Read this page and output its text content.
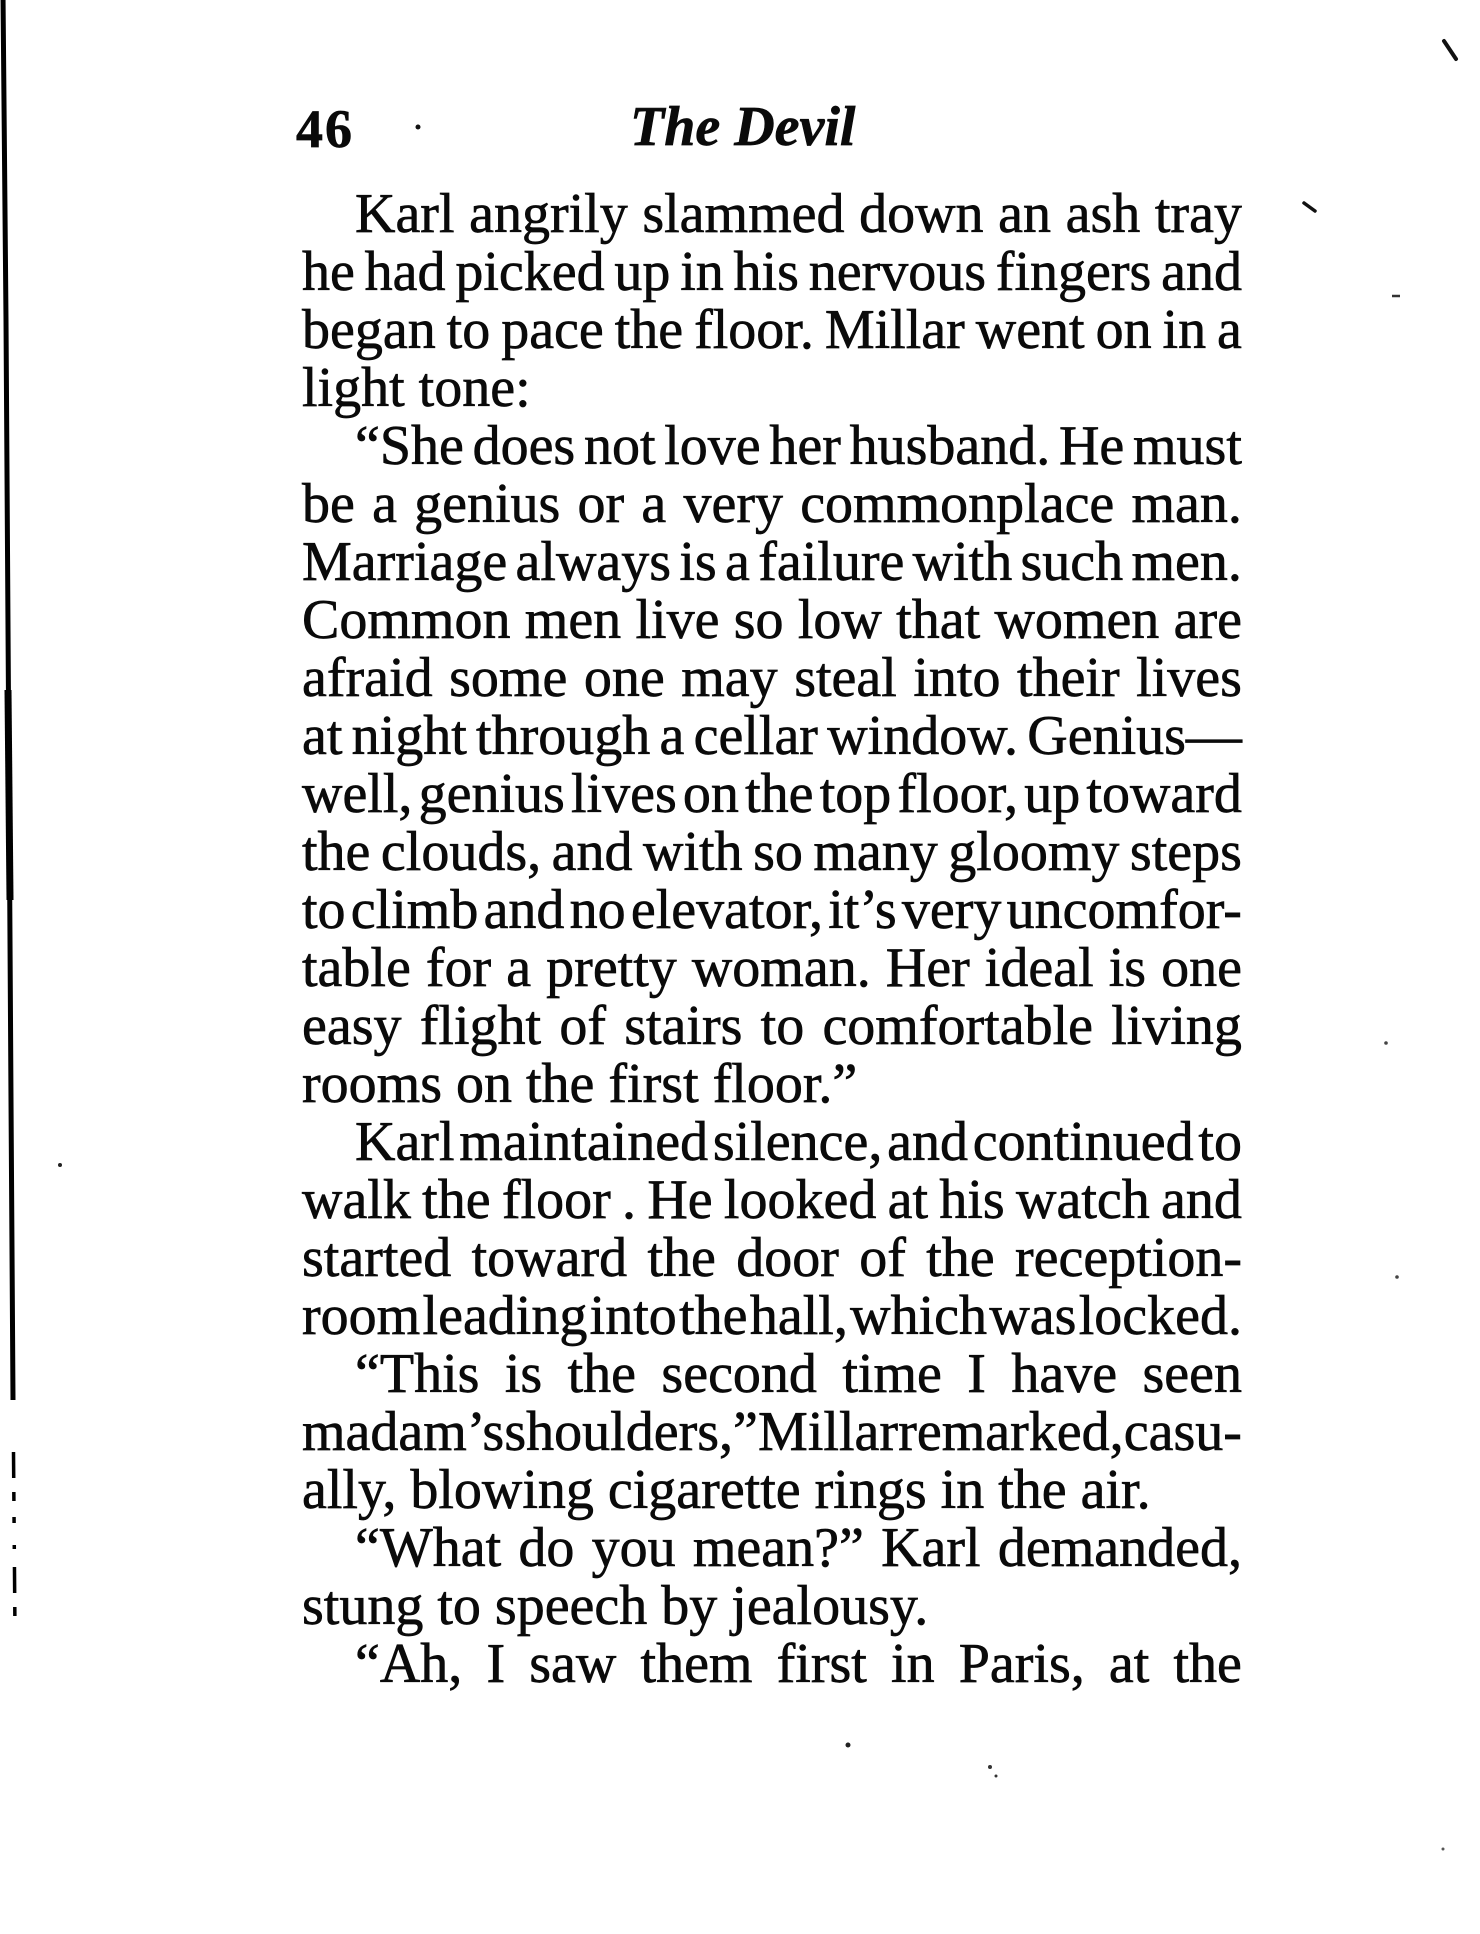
46	The Devil
Karl angrily slammed down an ash tray
he had picked up in his nervous fingers and
began to pace the floor. Millar went on in a
light tone:
“She does not love her husband. He must
be a genius or a very commonplace man.
Marriage always is a failure with such men.
Common men live so low that women are
afraid some one may steal into their lives
at night through a cellar window. Genius—
well, genius lives on the top floor, up toward
the clouds, and with so many gloomy steps
to climb and no elevator, it’s very uncomfor-
table for a pretty woman. Her ideal is one
easy flight of stairs to comfortable living
rooms on the first floor.”
Karl maintained silence, and continued to
walk the floor . He looked at his watch and
started toward the door of the reception-
room leading into the hall, which was locked.
“This is the second time I have seen
madam’s shoulders,” Millar remarked, casu-
ally, blowing cigarette rings in the air.
“What do you mean?” Karl demanded,
stung to speech by jealousy.
“Ah, I saw them first in Paris, at the
